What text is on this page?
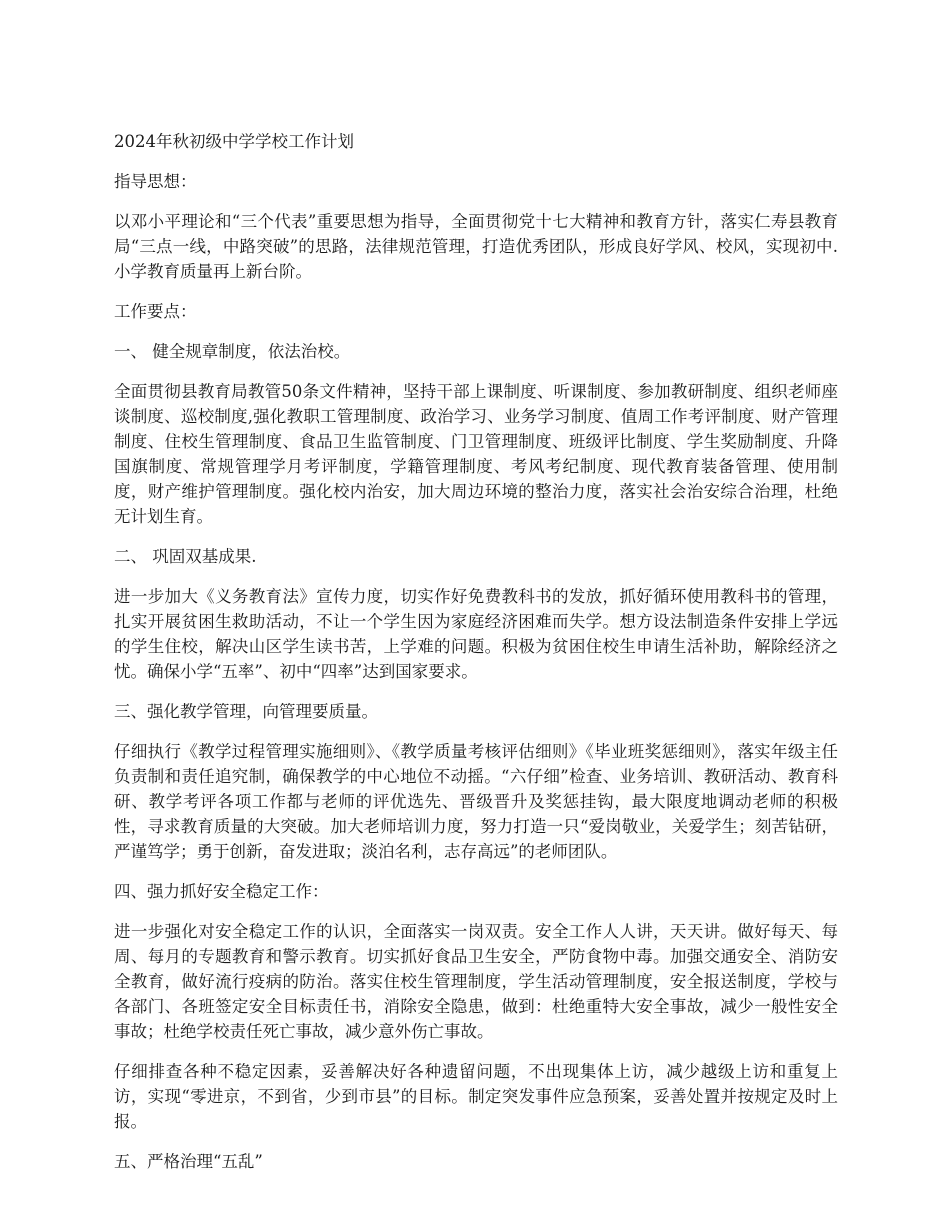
2024年秋初级中学学校工作计划

指导思想：

以邓小平理论和“三个代表”重要思想为指导，全面贯彻党十七大精神和教育方针，落实仁寿县教育局“三点一线，中路突破”的思路，法律规范管理，打造优秀团队，形成良好学风、校风，实现初中.小学教育质量再上新台阶。

工作要点：

一、 健全规章制度，依法治校。

全面贯彻县教育局教管50条文件精神，坚持干部上课制度、听课制度、参加教研制度、组织老师座谈制度、巡校制度,强化教职工管理制度、政治学习、业务学习制度、值周工作考评制度、财产管理制度、住校生管理制度、食品卫生监管制度、门卫管理制度、班级评比制度、学生奖励制度、升降国旗制度、常规管理学月考评制度，学籍管理制度、考风考纪制度、现代教育装备管理、使用制度，财产维护管理制度。强化校内治安，加大周边环境的整治力度，落实社会治安综合治理，杜绝无计划生育。

二、 巩固双基成果.

进一步加大《义务教育法》宣传力度，切实作好免费教科书的发放，抓好循环使用教科书的管理，扎实开展贫困生救助活动，不让一个学生因为家庭经济困难而失学。想方设法制造条件安排上学远的学生住校，解决山区学生读书苦，上学难的问题。积极为贫困住校生申请生活补助，解除经济之忧。确保小学“五率”、初中“四率”达到国家要求。

三、强化教学管理，向管理要质量。

仔细执行《教学过程管理实施细则》、《教学质量考核评估细则》《毕业班奖惩细则》，落实年级主任负责制和责任追究制，确保教学的中心地位不动摇。“六仔细”检查、业务培训、教研活动、教育科研、教学考评各项工作都与老师的评优选先、晋级晋升及奖惩挂钩，最大限度地调动老师的积极性，寻求教育质量的大突破。加大老师培训力度，努力打造一只“爱岗敬业，关爱学生；刻苦钻研，严谨笃学；勇于创新，奋发进取；淡泊名利，志存高远”的老师团队。

四、强力抓好安全稳定工作：

进一步强化对安全稳定工作的认识，全面落实一岗双责。安全工作人人讲，天天讲。做好每天、每周、每月的专题教育和警示教育。切实抓好食品卫生安全，严防食物中毒。加强交通安全、消防安全教育，做好流行疫病的防治。落实住校生管理制度，学生活动管理制度，安全报送制度，学校与各部门、各班签定安全目标责任书，消除安全隐患，做到：杜绝重特大安全事故，减少一般性安全事故；杜绝学校责任死亡事故，减少意外伤亡事故。

仔细排查各种不稳定因素，妥善解决好各种遗留问题，不出现集体上访，减少越级上访和重复上访，实现“零进京，不到省，少到市县”的目标。制定突发事件应急预案，妥善处置并按规定及时上报。

五、严格治理“五乱”
